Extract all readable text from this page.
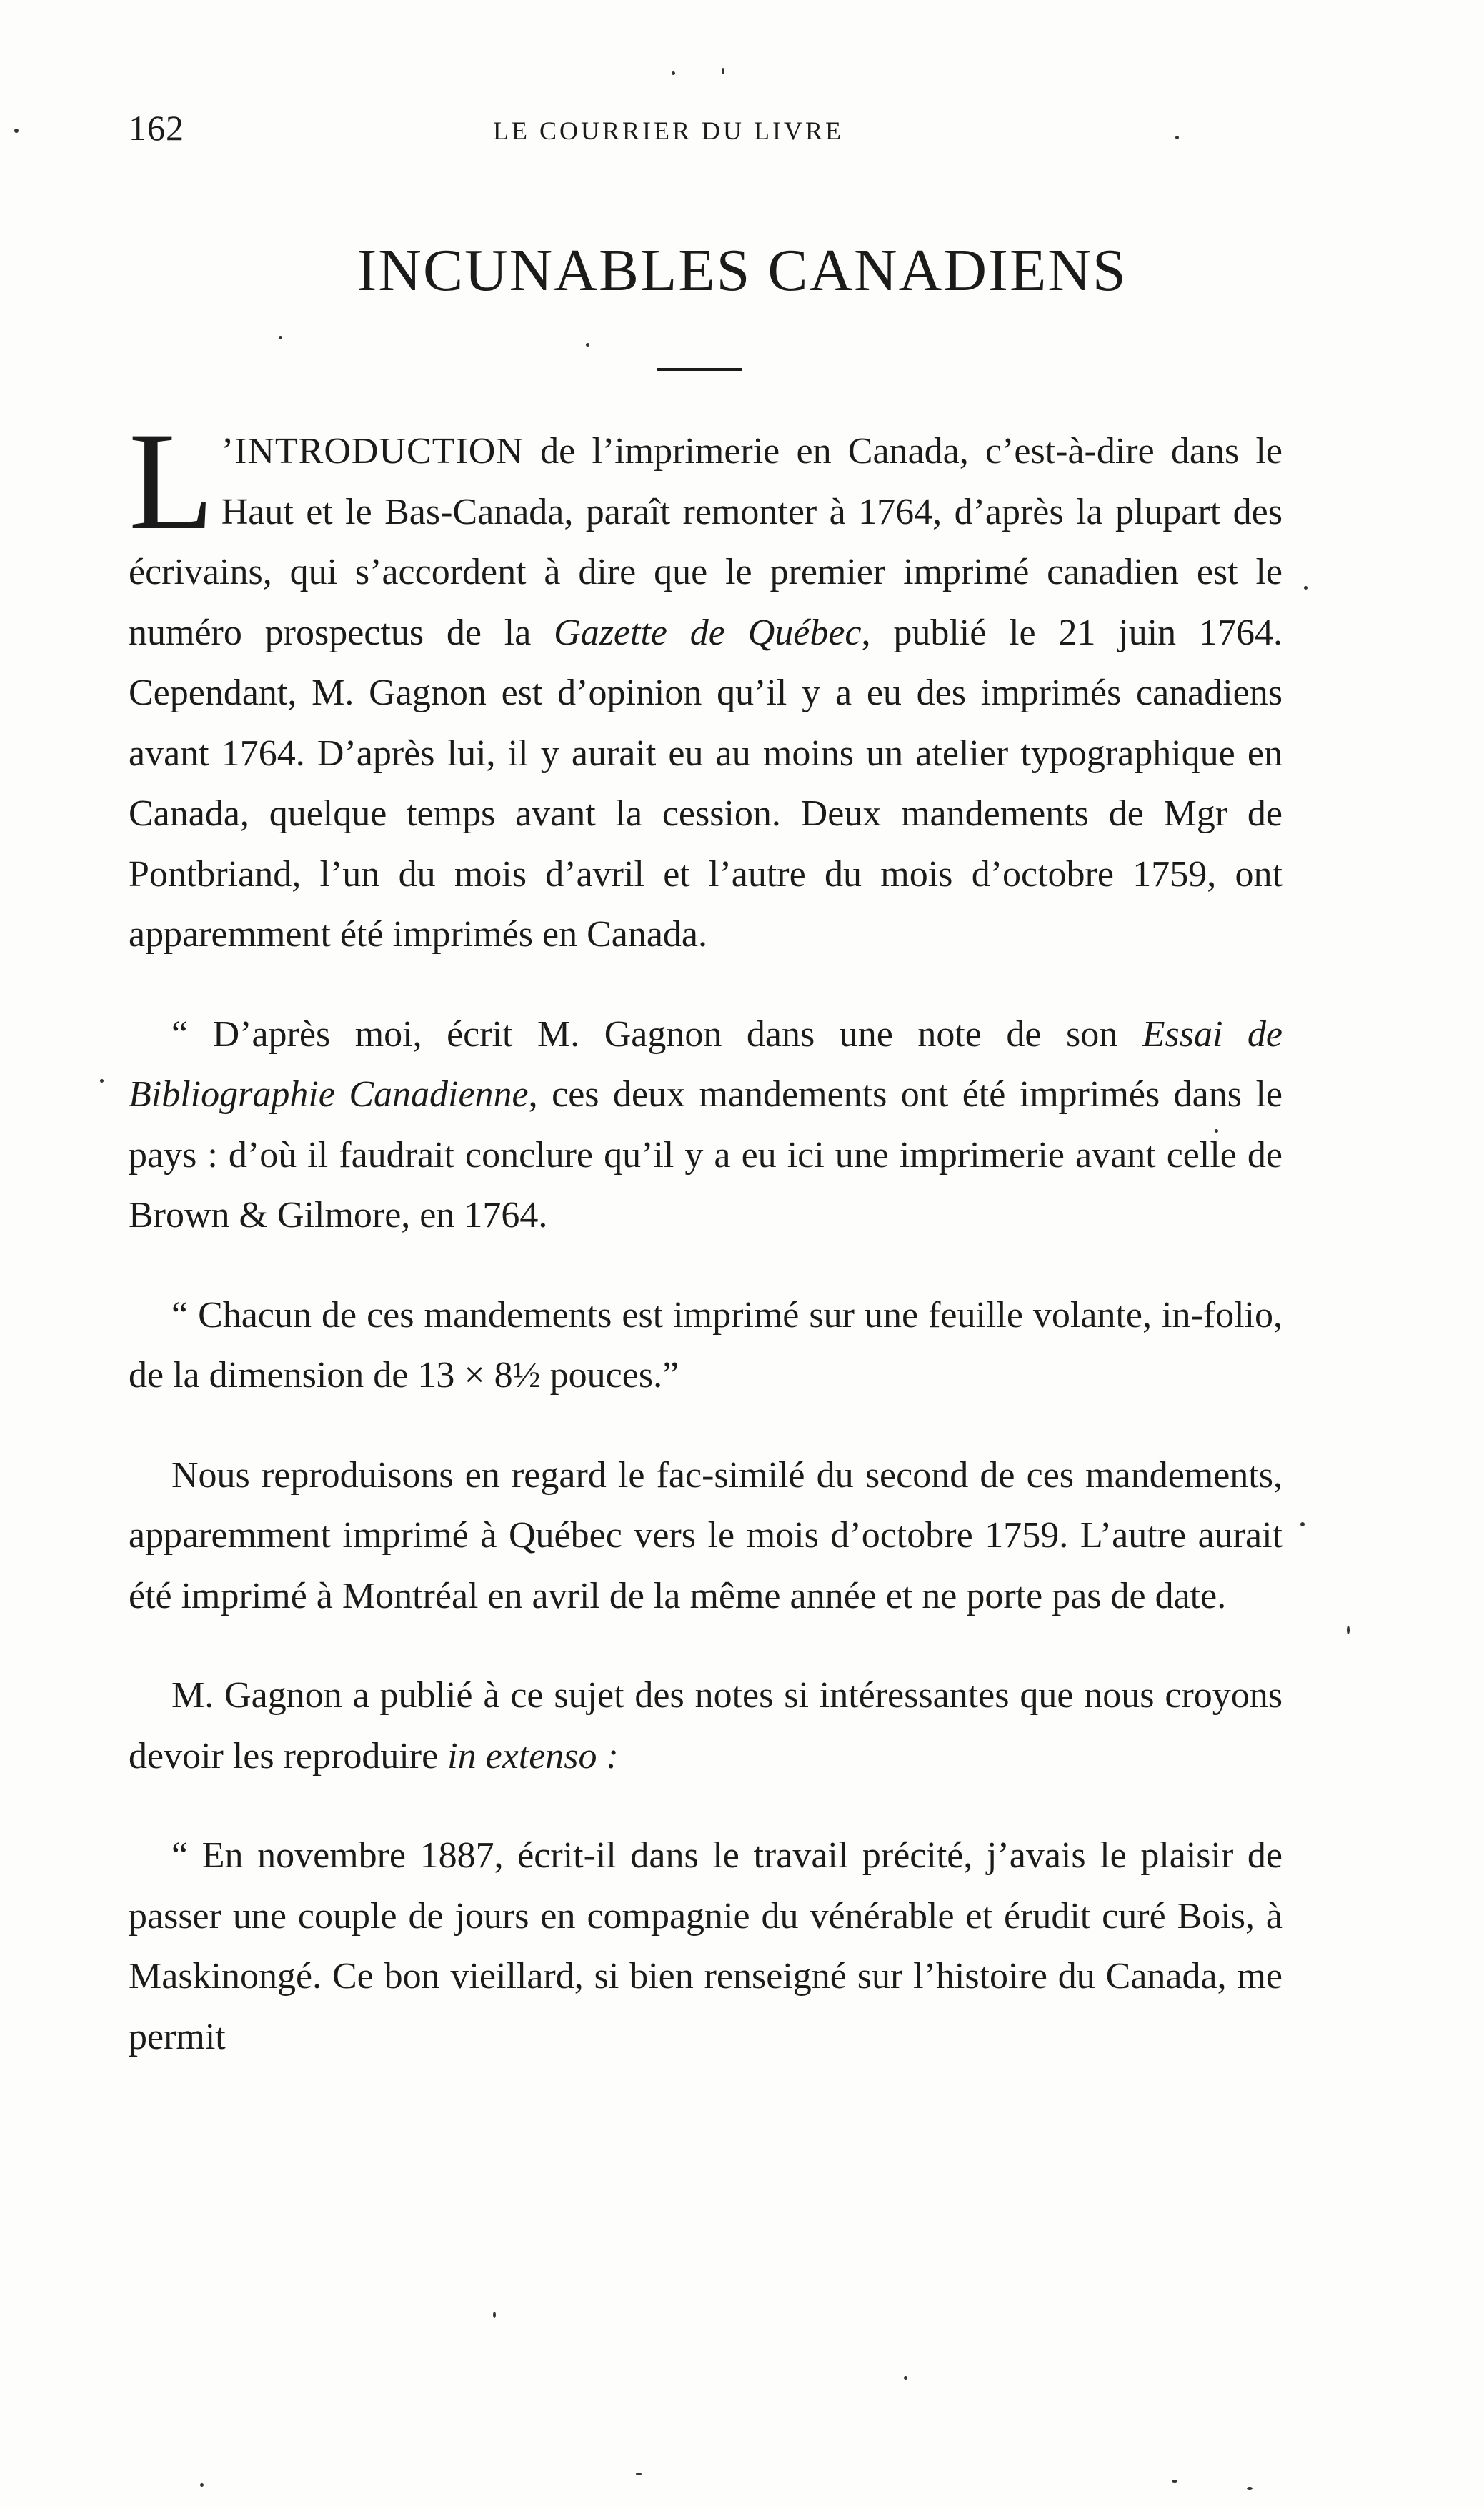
162	LE COURRIER DU LIVRE
INCUNABLES CANADIENS

L ’INTRODUCTION de l’imprimerie en Canada, c’est-à-dire dans le Haut et le Bas-Canada, paraît remonter à 1764, d’après la plupart des écrivains, qui s’accordent à dire que le premier imprimé canadien est le numéro prospectus de la Gazette de Québec, publié le 21 juin 1764. Cependant, M. Gagnon est d’opinion qu’il y a eu des imprimés canadiens avant 1764. D’après lui, il y aurait eu au moins un atelier typographique en Canada, quelque temps avant la cession. Deux mandements de Mgr de Pontbriand, l’un du mois d’avril et l’autre du mois d’octobre 1759, ont apparemment été imprimés en Canada.

“ D’après moi, écrit M. Gagnon dans une note de son Essai de Bibliographie Canadienne, ces deux mandements ont été imprimés dans le pays : d’où il faudrait conclure qu’il y a eu ici une imprimerie avant celle de Brown & Gilmore, en 1764.

“ Chacun de ces mandements est imprimé sur une feuille volante, in-folio, de la dimension de 13 × 8½ pouces.”

Nous reproduisons en regard le fac-similé du second de ces mandements, apparemment imprimé à Québec vers le mois d’octobre 1759. L’autre aurait été imprimé à Montréal en avril de la même année et ne porte pas de date.

M. Gagnon a publié à ce sujet des notes si intéressantes que nous croyons devoir les reproduire in extenso :

“ En novembre 1887, écrit-il dans le travail précité, j’avais le plaisir de passer une couple de jours en compagnie du vénérable et érudit curé Bois, à Maskinongé. Ce bon vieillard, si bien renseigné sur l’histoire du Canada, me permit
